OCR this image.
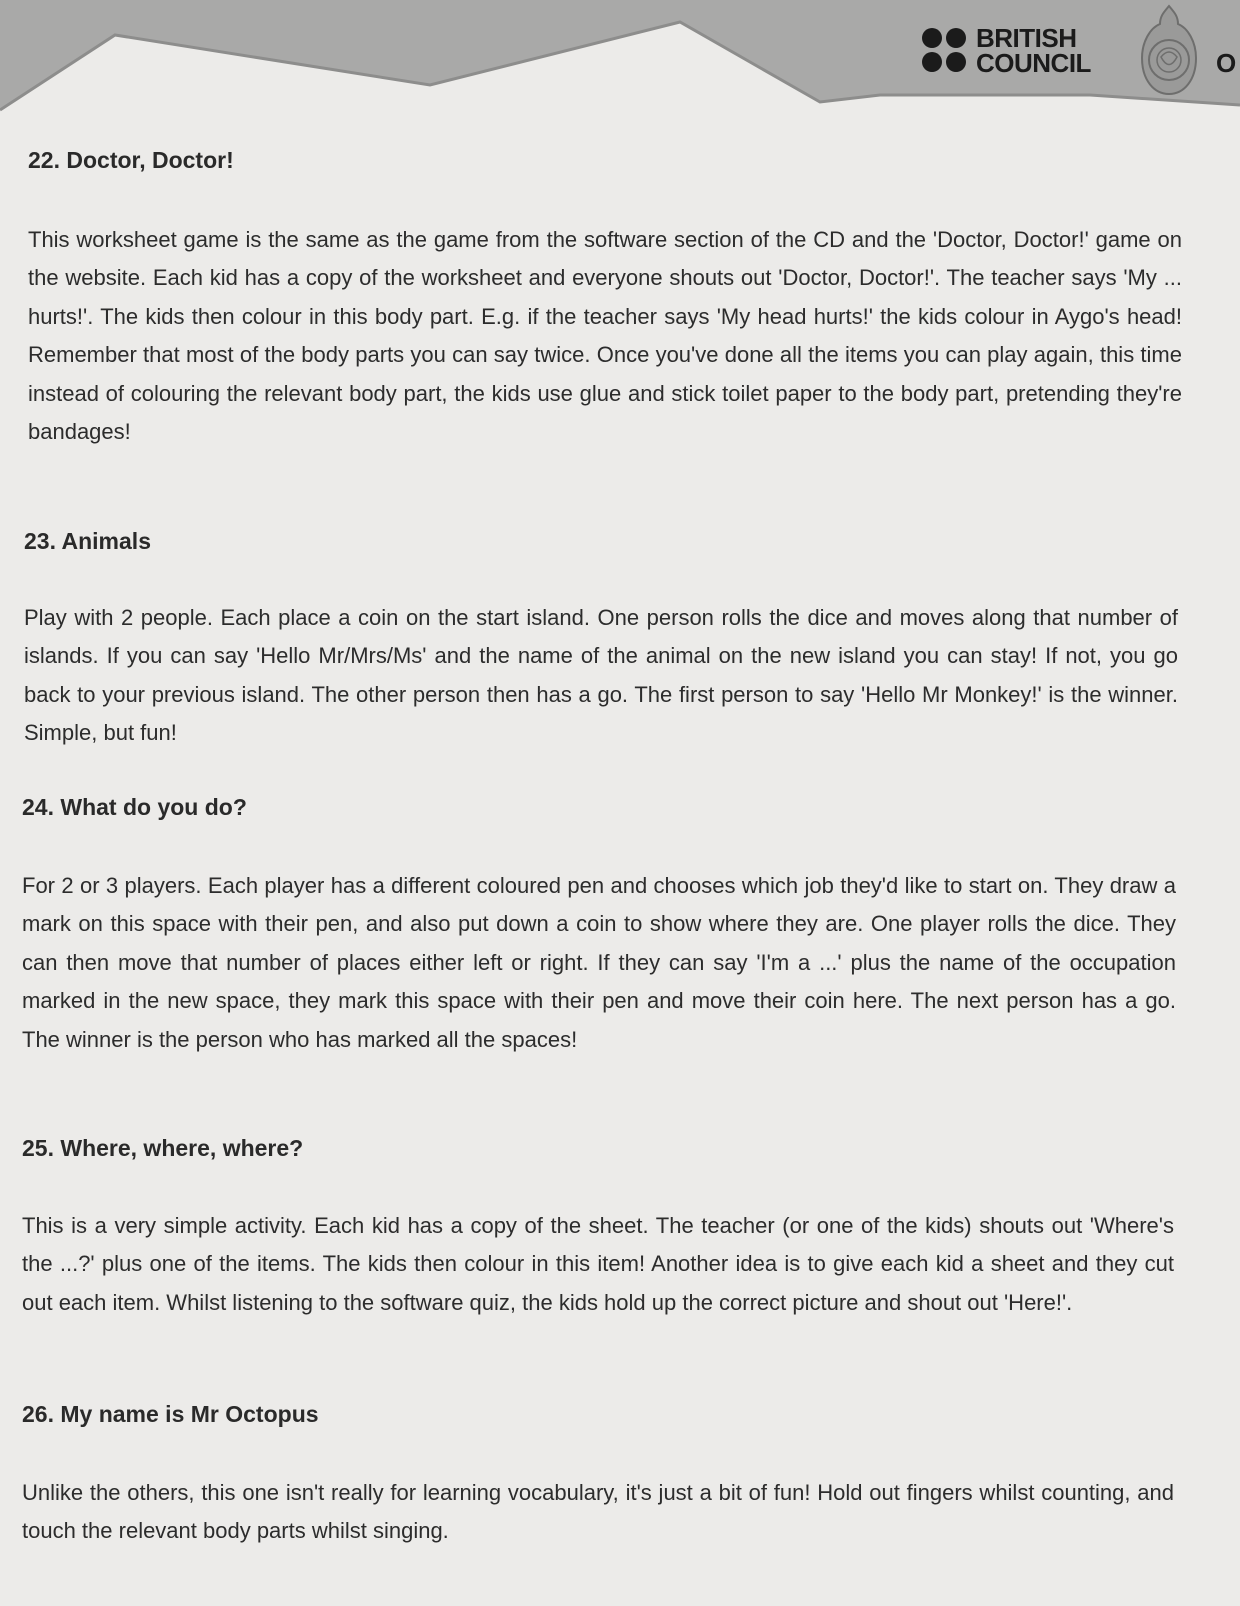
BRITISH
COUNCIL	O
22. Doctor, Doctor!

This worksheet game is the same as the game from the software section of the CD and the 'Doctor, Doctor!' game on the website. Each kid has a copy of the worksheet and everyone shouts out 'Doctor, Doctor!'. The teacher says 'My ... hurts!'. The kids then colour in this body part. E.g. if the teacher says 'My head hurts!' the kids colour in Aygo's head! Remember that most of the body parts you can say twice. Once you've done all the items you can play again, this time instead of colouring the relevant body part, the kids use glue and stick toilet paper to the body part, pretending they're bandages!

23. Animals

Play with 2 people. Each place a coin on the start island. One person rolls the dice and moves along that number of islands. If you can say 'Hello Mr/Mrs/Ms' and the name of the animal on the new island you can stay! If not, you go back to your previous island. The other person then has a go. The first person to say 'Hello Mr Monkey!' is the winner. Simple, but fun!

24. What do you do?

For 2 or 3 players. Each player has a different coloured pen and chooses which job they'd like to start on. They draw a mark on this space with their pen, and also put down a coin to show where they are. One player rolls the dice. They can then move that number of places either left or right. If they can say 'I'm a ...' plus the name of the occupation marked in the new space, they mark this space with their pen and move their coin here. The next person has a go. The winner is the person who has marked all the spaces!

25. Where, where, where?

This is a very simple activity. Each kid has a copy of the sheet. The teacher (or one of the kids) shouts out 'Where's the ...?' plus one of the items. The kids then colour in this item! Another idea is to give each kid a sheet and they cut out each item. Whilst listening to the software quiz, the kids hold up the correct picture and shout out 'Here!'.

26. My name is Mr Octopus

Unlike the others, this one isn't really for learning vocabulary, it's just a bit of fun! Hold out fingers whilst counting, and touch the relevant body parts whilst singing.
